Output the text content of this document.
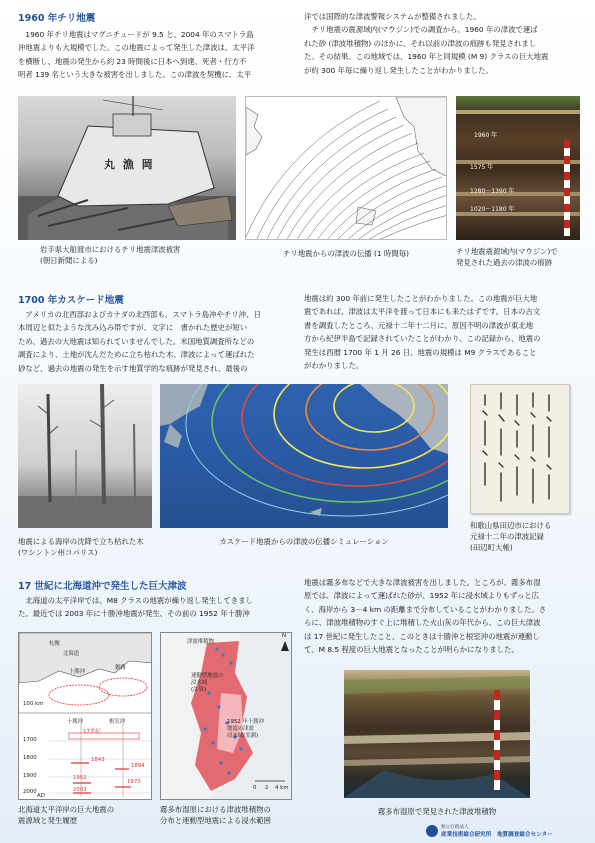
1960 年チリ地震
　1960 年チリ地震はマグニチュードが 9.5 と、2004 年のスマトラ島
沖地震よりも大規模でした。この地震によって発生した津波は、太平洋
を横断し、地震の発生から約 23 時間後に日本へ到達、死者・行方不
明者 139 名という大きな被害を出しました。この津波を契機に、太平
洋では国際的な津波警報システムが整備されました。
　チリ地震の震源域内(マウジン)での調査から、1960 年の津波で運ば
れた砂 (津波堆積物) のほかに、それ以前の津波の痕跡も発見されまし
た。その結果、この地域では、1960 年と同規模 (M 9) クラスの巨大地震
が約 300 年毎に繰り返し発生したことがわかりました。
丸 漁 岡
岩手県大船渡市におけるチリ地震津波被害
(朝日新聞による)
チリ地震からの津波の伝播 (1 時間毎)
1960 年
1575 年
1280～1390 年
1020～1180 年
チリ地震震源域内(マウジン)で
発見された過去の津波の痕跡
1700 年カスケード地震
　アメリカの北西部およびカナダの北西部も、スマトラ島沖やチリ沖、日
本周辺と似たような沈み込み帯ですが、文字に　書かれた歴史が短い
ため、過去の大地震は知られていませんでした。米国地質調査所などの
調査により、土地が沈んだために立ち枯れた木、津波によって運ばれた
砂など、過去の地震の発生を示す地質学的な痕跡が発見され、最後の
地震は約 300 年前に発生したことがわかりました。この地震が巨大地
震であれば、津波は太平洋を渡って日本にも来たはずです。日本の古文
書を調査したところ、元禄十二年十二月に、原因不明の津波が東北地
方から紀伊半島で記録されていたことがわかり、この記録から、地震の
発生は西暦 1700 年 1 月 26 日、地震の規模は M9 クラスであること
がわかりました。
地震による海岸の沈降で立ち枯れた木
(ワシントン州コパリス)
カスケード地震からの津波の伝播シミュレーション
和歌山県田辺市における
元禄十二年の津波記録
(田辺町大帳)
17 世紀に北海道沖で発生した巨大津波
　北海道の太平洋岸では、M8 クラスの地震が繰り返し発生してきまし
た。最近では 2003 年に十勝沖地震が発生、その前の 1952 年十勝沖
地震は霧多布などで大きな津波被害を出しました。ところが、霧多布湿
原では、津波によって運ばれた砂が、1952 年に浸水域よりもずっと広
く、海岸から 3－4 km の距離まで分布していることがわかりました。さ
らに、津波堆積物のすぐ上に堆積した火山灰の年代から、この巨大津波
は 17 世紀に発生したこと、このときは十勝沖と根室沖の地震が連動し
て、M 8.5 程度の巨大地震となったことが明らかになりました。
札幌
北海道
十勝沖
釧路
100 km
十勝沖	根室沖
17世紀
1700
1800
1900
2000
1843
1894
1952
1973
2003
AD
北海道太平洋岸の巨大地震の
震源域と発生履歴
津波堆積物
連動型地震の
浸水域
(計算)
1952 年十勝沖
地震の津波
浸水域(実測)
0 2 4 km
N
霧多布湿原における津波堆積物の
分布と連動型地震による浸水範囲
霧多布湿原で発見された津波堆積物
独立行政法人
産業技術総合研究所　地質調査総合センター
